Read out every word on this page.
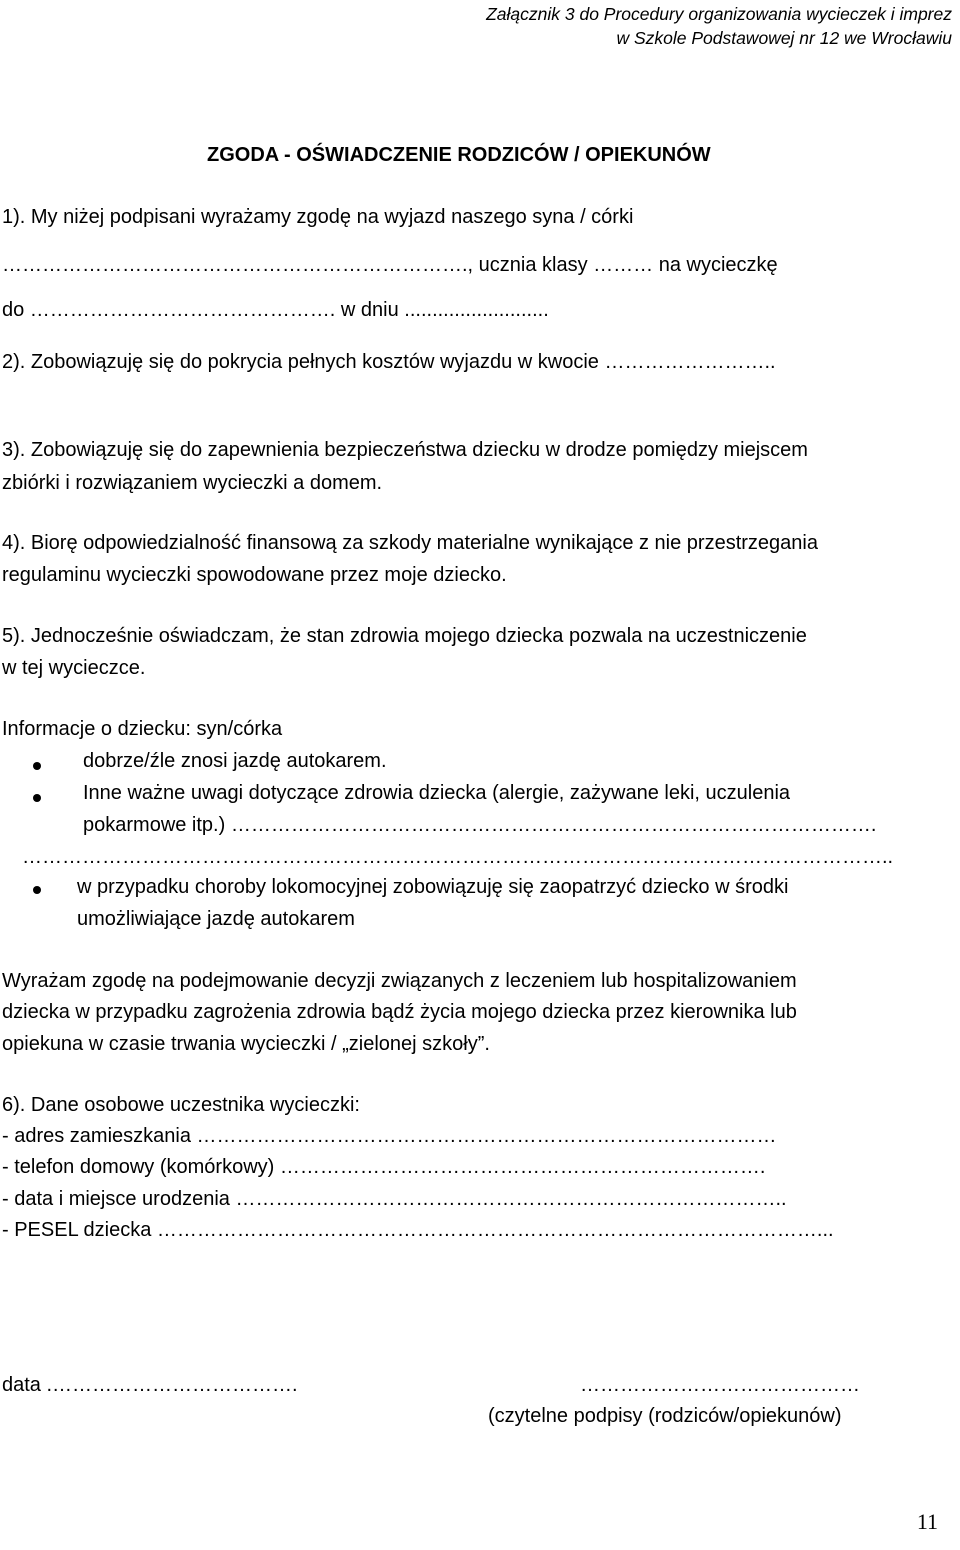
Załącznik 3 do Procedury organizowania wycieczek i imprez
w Szkole Podstawowej nr 12 we Wrocławiu
ZGODA - OŚWIADCZENIE RODZICÓW / OPIEKUNÓW
1). My niżej podpisani wyrażamy zgodę na wyjazd naszego syna / córki
……………………………………………………………., ucznia klasy ……… na wycieczkę
do ………………………………………. w dniu ..........................
2). Zobowiązuję się do pokrycia pełnych kosztów wyjazdu w kwocie ……………………..
3). Zobowiązuję się do zapewnienia bezpieczeństwa dziecku w drodze pomiędzy miejscem
zbiórki i rozwiązaniem wycieczki a domem.
4). Biorę odpowiedzialność finansową za szkody materialne wynikające z nie przestrzegania
regulaminu wycieczki spowodowane przez moje dziecko.
5). Jednocześnie oświadczam, że stan zdrowia mojego dziecka pozwala na uczestniczenie
w tej wycieczce.
Informacje o dziecku: syn/córka
dobrze/źle znosi jazdę autokarem.
Inne ważne uwagi dotyczące zdrowia dziecka (alergie, zażywane leki, uczulenia
pokarmowe itp.) …………………………………………………………………………………….
…………………………………………………………………………………………………………………..
w przypadku choroby lokomocyjnej zobowiązuję się zaopatrzyć dziecko w środki
umożliwiające jazdę autokarem
Wyrażam zgodę na podejmowanie decyzji związanych z leczeniem lub hospitalizowaniem
dziecka w przypadku zagrożenia zdrowia bądź życia mojego dziecka przez kierownika lub
opiekuna w czasie trwania wycieczki / „zielonej szkoły”.
6). Dane osobowe uczestnika wycieczki:
- adres zamieszkania ……………………………………………………………………………
- telefon domowy (komórkowy) ……………………………………………………………….
- data i miejsce urodzenia ………………………………………………………………………..
- PESEL dziecka ………………………………………………………………………………………...
data .……………………………….	……………………………………
(czytelne podpisy (rodziców/opiekunów)
11
